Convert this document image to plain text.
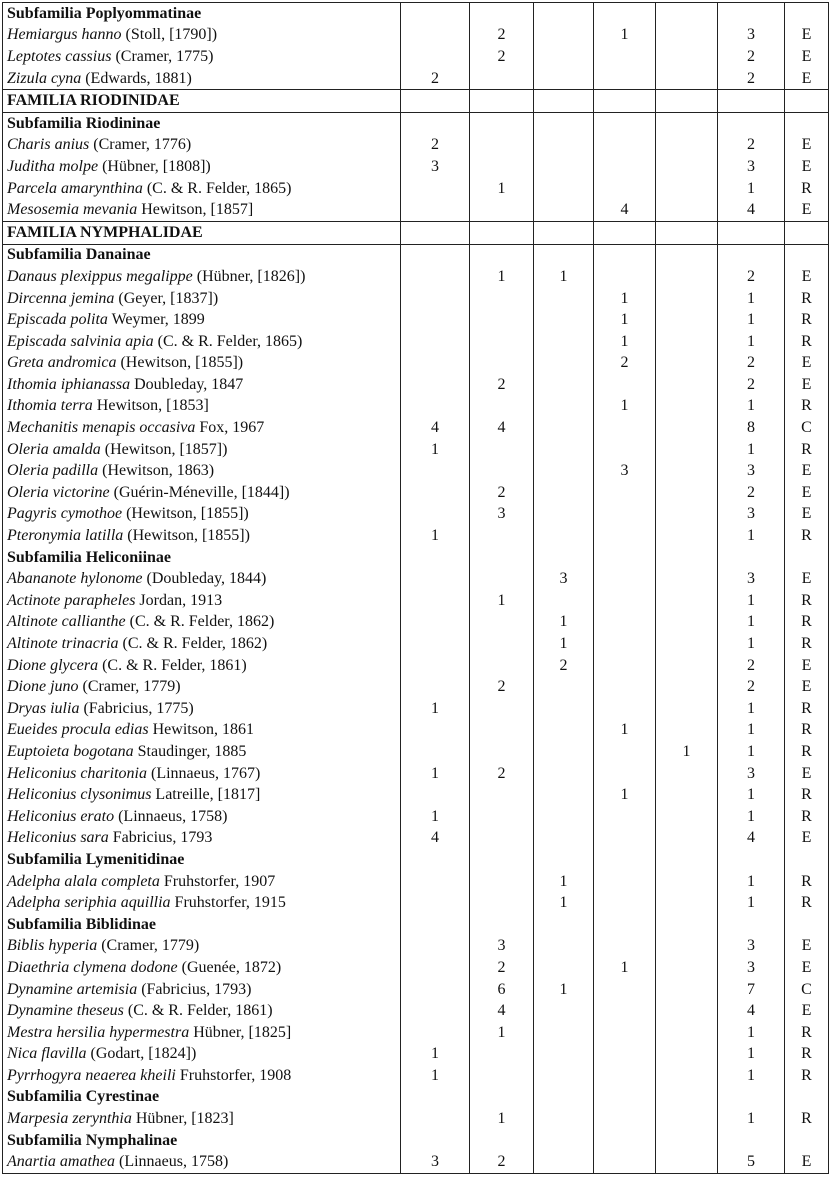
Subfamilia Poplyommatinae							
Hemiargus hanno (Stoll, [1790])		2		1		3	E
Leptotes cassius (Cramer, 1775)		2				2	E
Zizula cyna (Edwards, 1881)	2					2	E
FAMILIA RIODINIDAE							
Subfamilia Riodininae							
Charis anius (Cramer, 1776)	2					2	E
Juditha molpe (Hübner, [1808])	3					3	E
Parcela amarynthina (C. & R. Felder, 1865)		1				1	R
Mesosemia mevania Hewitson, [1857]				4		4	E
FAMILIA NYMPHALIDAE							
Subfamilia Danainae							
Danaus plexippus megalippe (Hübner, [1826])		1	1			2	E
Dircenna jemina (Geyer, [1837])				1		1	R
Episcada polita Weymer, 1899				1		1	R
Episcada salvinia apia (C. & R. Felder, 1865)				1		1	R
Greta andromica (Hewitson, [1855])				2		2	E
Ithomia iphianassa Doubleday, 1847		2				2	E
Ithomia terra Hewitson, [1853]				1		1	R
Mechanitis menapis occasiva Fox, 1967	4	4				8	C
Oleria amalda (Hewitson, [1857])	1					1	R
Oleria padilla (Hewitson, 1863)				3		3	E
Oleria victorine (Guérin-Méneville, [1844])		2				2	E
Pagyris cymothoe (Hewitson, [1855])		3				3	E
Pteronymia latilla (Hewitson, [1855])	1					1	R
Subfamilia Heliconiinae							
Abananote hylonome (Doubleday, 1844)			3			3	E
Actinote parapheles Jordan, 1913		1				1	R
Altinote callianthe (C. & R. Felder, 1862)			1			1	R
Altinote trinacria (C. & R. Felder, 1862)			1			1	R
Dione glycera (C. & R. Felder, 1861)			2			2	E
Dione juno (Cramer, 1779)		2				2	E
Dryas iulia (Fabricius, 1775)	1					1	R
Eueides procula edias Hewitson, 1861				1		1	R
Euptoieta bogotana Staudinger, 1885					1	1	R
Heliconius charitonia (Linnaeus, 1767)	1	2				3	E
Heliconius clysonimus Latreille, [1817]				1		1	R
Heliconius erato (Linnaeus, 1758)	1					1	R
Heliconius sara Fabricius, 1793	4					4	E
Subfamilia Lymenitidinae							
Adelpha alala completa Fruhstorfer, 1907			1			1	R
Adelpha seriphia aquillia Fruhstorfer, 1915			1			1	R
Subfamilia Biblidinae							
Biblis hyperia (Cramer, 1779)		3				3	E
Diaethria clymena dodone (Guenée, 1872)		2		1		3	E
Dynamine artemisia (Fabricius, 1793)		6	1			7	C
Dynamine theseus (C. & R. Felder, 1861)		4				4	E
Mestra hersilia hypermestra Hübner, [1825]		1				1	R
Nica flavilla (Godart, [1824])	1					1	R
Pyrrhogyra neaerea kheili Fruhstorfer, 1908	1					1	R
Subfamilia Cyrestinae							
Marpesia zerynthia Hübner, [1823]		1				1	R
Subfamilia Nymphalinae							
Anartia amathea (Linnaeus, 1758)	3	2				5	E
